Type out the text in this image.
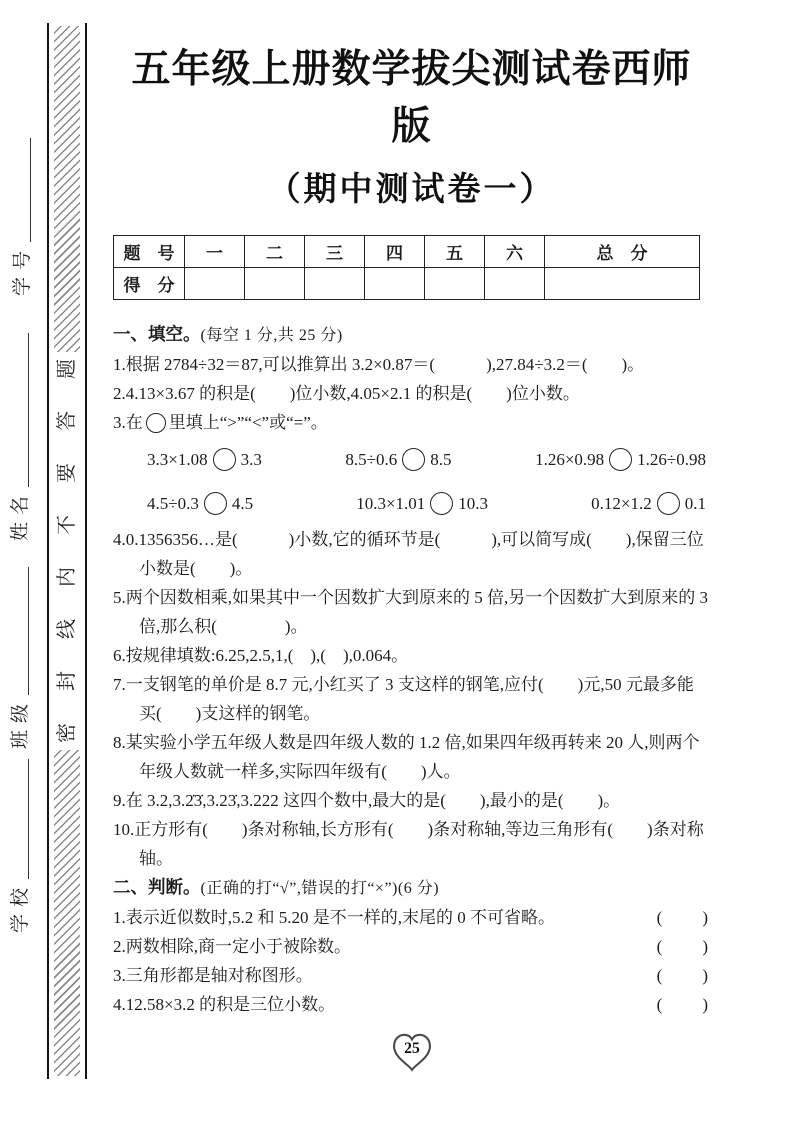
学号
姓名
班级
学校
题
答
要
不
内
线
封
密
五年级上册数学拔尖测试卷西师版
（期中测试卷一）
题　号	一	二	三	四	五	六	总　分
得　分							
一、填空。(每空 1 分,共 25 分)
1.根据 2784÷32＝87,可以推算出 3.2×0.87＝(　　　),27.84÷3.2＝(　　)。
2.4.13×3.67 的积是(　　)位小数,4.05×2.1 的积是(　　)位小数。
3.在 里填上“>”“<”或“=”。
3.3×1.08 3.3	8.5÷0.6 8.5	1.26×0.98 1.26÷0.98
4.5÷0.3 4.5	10.3×1.01 10.3	0.12×1.2 0.1
4.0.1356356…是(　　　)小数,它的循环节是(　　　),可以简写成(　　),保留三位小数是(　　)。
5.两个因数相乘,如果其中一个因数扩大到原来的 5 倍,另一个因数扩大到原来的 3 倍,那么积(　　　　)。
6.按规律填数:6.25,2.5,1,(　),(　),0.064。
7.一支钢笔的单价是 8.7 元,小红买了 3 支这样的钢笔,应付(　　)元,50 元最多能买(　　)支这样的钢笔。
8.某实验小学五年级人数是四年级人数的 1.2 倍,如果四年级再转来 20 人,则两个年级人数就一样多,实际四年级有(　　)人。
9.在 3.2,3.2̇3̇,3.23̇,3.222 这四个数中,最大的是(　　),最小的是(　　)。
10.正方形有(　　)条对称轴,长方形有(　　)条对称轴,等边三角形有(　　)条对称轴。
二、判断。(正确的打“√”,错误的打“×”)(6 分)
1.表示近似数时,5.2 和 5.20 是不一样的,末尾的 0 不可省略。	(　　)
2.两数相除,商一定小于被除数。	(　　)
3.三角形都是轴对称图形。	(　　)
4.12.58×3.2 的积是三位小数。	(　　)
25
